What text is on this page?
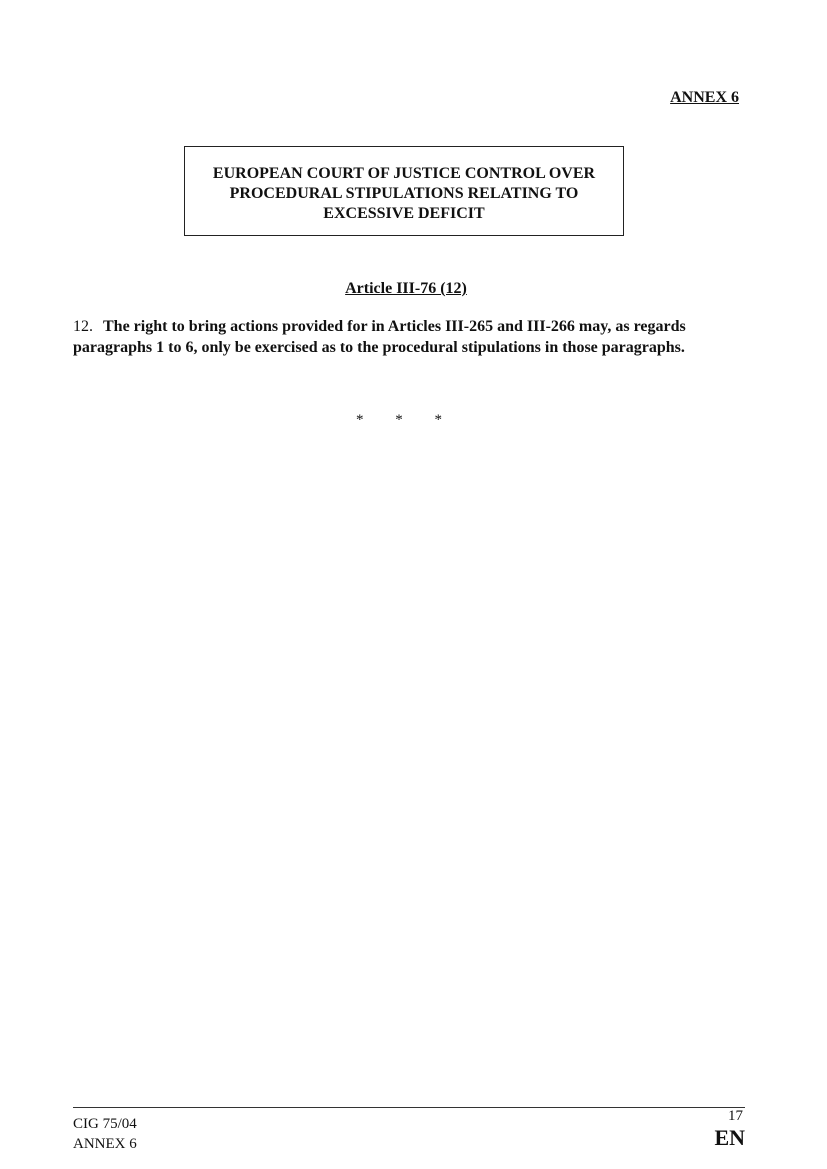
ANNEX 6
EUROPEAN COURT OF JUSTICE CONTROL OVER
PROCEDURAL STIPULATIONS RELATING TO
EXCESSIVE DEFICIT
Article III-76 (12)
12. The right to bring actions provided for in Articles III-265 and III-266 may, as regards paragraphs 1 to 6, only be exercised as to the procedural stipulations in those paragraphs.
* * *
CIG 75/04
ANNEX 6
17
EN
